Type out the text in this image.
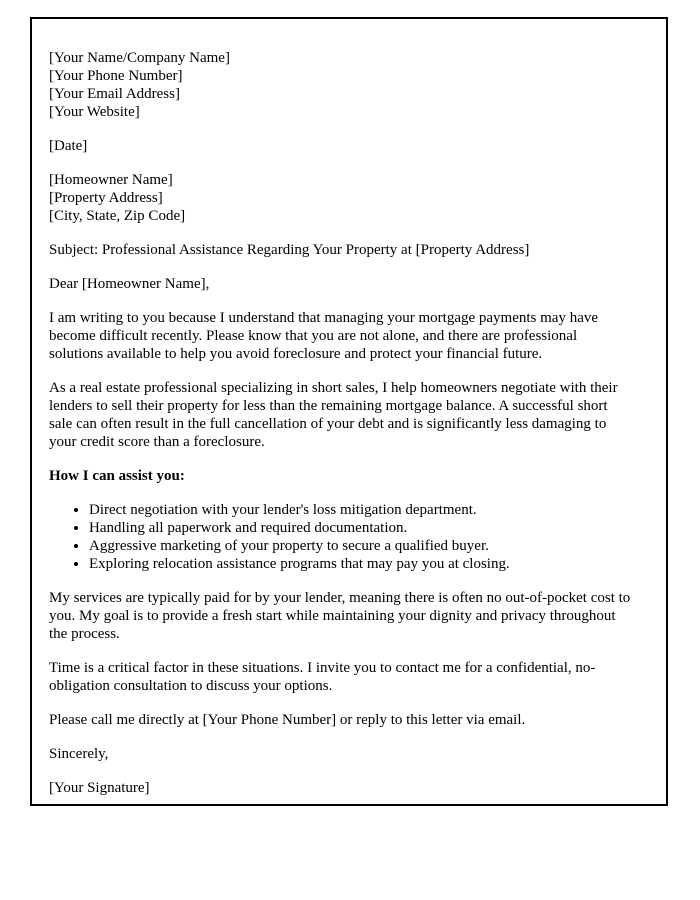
[Your Name/Company Name]
[Your Phone Number]
[Your Email Address]
[Your Website]
[Date]
[Homeowner Name]
[Property Address]
[City, State, Zip Code]

Subject: Professional Assistance Regarding Your Property at [Property Address]

Dear [Homeowner Name],

I am writing to you because I understand that managing your mortgage payments may have become difficult recently. Please know that you are not alone, and there are professional solutions available to help you avoid foreclosure and protect your financial future.

As a real estate professional specializing in short sales, I help homeowners negotiate with their lenders to sell their property for less than the remaining mortgage balance. A successful short sale can often result in the full cancellation of your debt and is significantly less damaging to your credit score than a foreclosure.

How I can assist you:

• Direct negotiation with your lender's loss mitigation department.
• Handling all paperwork and required documentation.
• Aggressive marketing of your property to secure a qualified buyer.
• Exploring relocation assistance programs that may pay you at closing.

My services are typically paid for by your lender, meaning there is often no out-of-pocket cost to you. My goal is to provide a fresh start while maintaining your dignity and privacy throughout the process.

Time is a critical factor in these situations. I invite you to contact me for a confidential, no-obligation consultation to discuss your options.

Please call me directly at [Your Phone Number] or reply to this letter via email.

Sincerely,

[Your Signature]
